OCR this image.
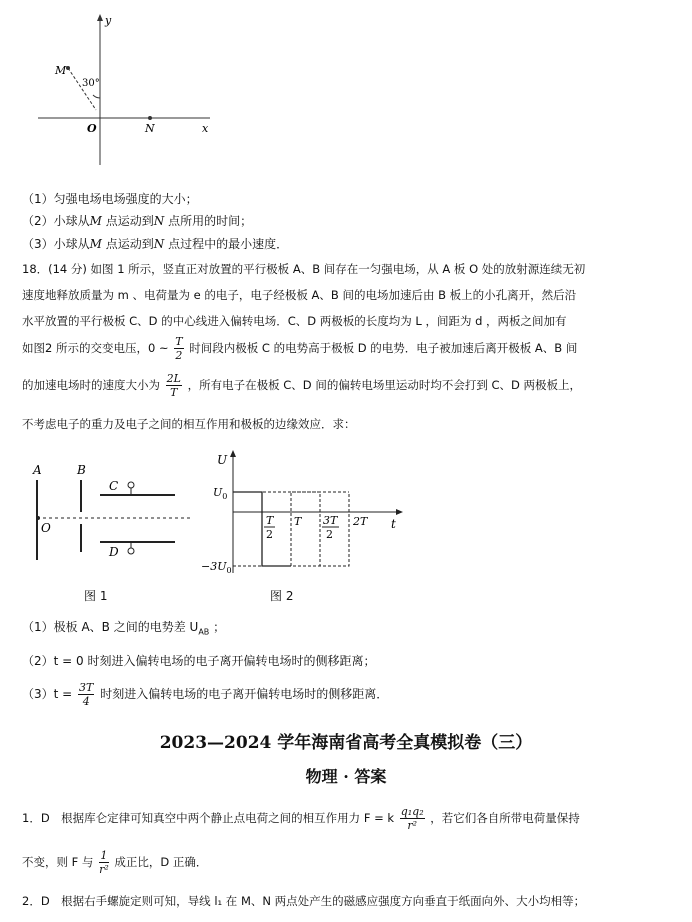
y
x
O
M
N
30°
（1）匀强电场电场强度的大小；
（2）小球从M 点运动到N 点所用的时间；
（3）小球从M 点运动到N 点过程中的最小速度．
18．(14 分) 如图 1 所示，竖直正对放置的平行极板 A、B 间存在一匀强电场，从 A 板 O 处的放射源连续无初
速度地释放质量为 m 、电荷量为 e 的电子，电子经极板 A、B 间的电场加速后由 B 板上的小孔离开，然后沿
水平放置的平行极板 C、D 的中心线进入偏转电场．C、D 两极板的长度均为 L ，间距为 d ，两板之间加有
如图2 所示的交变电压，0 ~ $\frac{T}{2}$ 时间段内极板 C 的电势高于极板 D 的电势．电子被加速后离开极板 A、B 间
的加速电场时的速度大小为 $\frac{2L}{T}$ ，所有电子在极板 C、D 间的偏转电场里运动时均不会打到 C、D 两极板上，
不考虑电子的重力及电子之间的相互作用和极板的边缘效应．求：
A	B
C
D
O
图 1
U
t
$U_0$
$-3U_0$
T
2
T 3T
2
2T
图 2
（1）极板 A、B 之间的电势差 $U_{AB}$ ；
（2）t = 0 时刻进入偏转电场的电子离开偏转电场时的侧移距离；
$(3)t = \frac{3T}{4}$ 时刻进入偏转电场的电子离开偏转电场时的侧移距离．
2023—2024 学年海南省高考全真模拟卷（三）
物理 · 答案
1．D　根据库仑定律可知真空中两个静止点电荷之间的相互作用力 F = k $\frac{\text{q₁q₂}}{\text{r²}}$ ，若它们各自所带电荷量保持
不变，则 F 与 $\frac{1}{\text{r²}}$ 成正比，D 正确．
2．D　根据右手螺旋定则可知，导线 l₁ 在 M、N 两点处产生的磁感应强度方向垂直于纸面向外、大小均相等；
